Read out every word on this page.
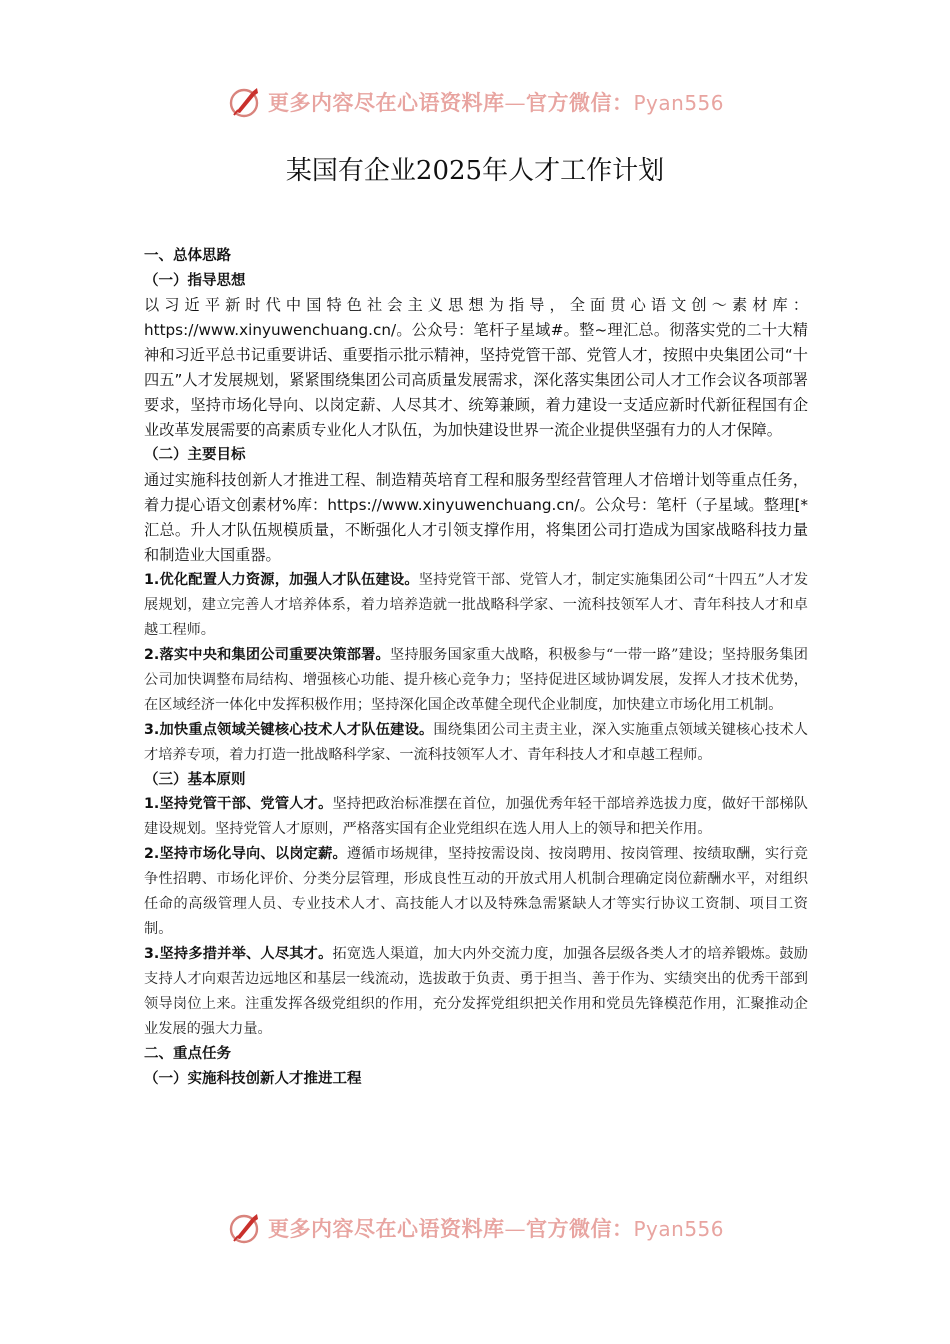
更多内容尽在心语资料库—官方微信：Pyan556
某国有企业2025年人才工作计划

一、总体思路

（一）指导思想

以习近平新时代中国特色社会主义思想为指导，全面贯心语文创～素材库：https://www.xinyuwenchuang.cn/。公众号：笔杆子星域#。整~理汇总。彻落实党的二十大精神和习近平总书记重要讲话、重要指示批示精神，坚持党管干部、党管人才，按照中央集团公司“十四五”人才发展规划，紧紧围绕集团公司高质量发展需求，深化落实集团公司人才工作会议各项部署要求，坚持市场化导向、以岗定薪、人尽其才、统筹兼顾，着力建设一支适应新时代新征程国有企业改革发展需要的高素质专业化人才队伍，为加快建设世界一流企业提供坚强有力的人才保障。

（二）主要目标

通过实施科技创新人才推进工程、制造精英培育工程和服务型经营管理人才倍增计划等重点任务，着力提心语文创素材%库：https://www.xinyuwenchuang.cn/。公众号：笔杆（子星域。整理[*汇总。升人才队伍规模质量，不断强化人才引领支撑作用，将集团公司打造成为国家战略科技力量和制造业大国重器。

1.优化配置人力资源，加强人才队伍建设。坚持党管干部、党管人才，制定实施集团公司“十四五”人才发展规划，建立完善人才培养体系，着力培养造就一批战略科学家、一流科技领军人才、青年科技人才和卓越工程师。

2.落实中央和集团公司重要决策部署。坚持服务国家重大战略，积极参与“一带一路”建设；坚持服务集团公司加快调整布局结构、增强核心功能、提升核心竞争力；坚持促进区域协调发展，发挥人才技术优势，在区域经济一体化中发挥积极作用；坚持深化国企改革健全现代企业制度，加快建立市场化用工机制。

3.加快重点领域关键核心技术人才队伍建设。围绕集团公司主责主业，深入实施重点领域关键核心技术人才培养专项，着力打造一批战略科学家、一流科技领军人才、青年科技人才和卓越工程师。

（三）基本原则

1.坚持党管干部、党管人才。坚持把政治标准摆在首位，加强优秀年轻干部培养选拔力度，做好干部梯队建设规划。坚持党管人才原则，严格落实国有企业党组织在选人用人上的领导和把关作用。

2.坚持市场化导向、以岗定薪。遵循市场规律，坚持按需设岗、按岗聘用、按岗管理、按绩取酬，实行竞争性招聘、市场化评价、分类分层管理，形成良性互动的开放式用人机制合理确定岗位薪酬水平，对组织任命的高级管理人员、专业技术人才、高技能人才以及特殊急需紧缺人才等实行协议工资制、项目工资制。

3.坚持多措并举、人尽其才。拓宽选人渠道，加大内外交流力度，加强各层级各类人才的培养锻炼。鼓励支持人才向艰苦边远地区和基层一线流动，选拔敢于负责、勇于担当、善于作为、实绩突出的优秀干部到领导岗位上来。注重发挥各级党组织的作用，充分发挥党组织把关作用和党员先锋模范作用，汇聚推动企业发展的强大力量。

二、重点任务

（一）实施科技创新人才推进工程

更多内容尽在心语资料库—官方微信：Pyan556
